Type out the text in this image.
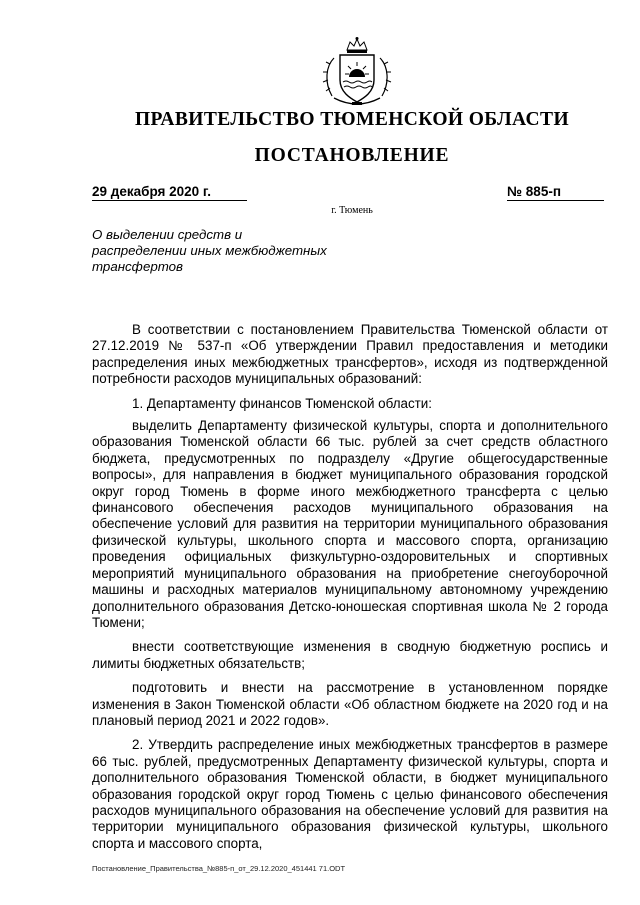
ПРАВИТЕЛЬСТВО ТЮМЕНСКОЙ ОБЛАСТИ
ПОСТАНОВЛЕНИЕ
29 декабря 2020 г.	№ 885-п
г. Тюмень
О выделении средств и распределении иных межбюджетных трансфертов

В соответствии с постановлением Правительства Тюменской области от 27.12.2019 № 537-п «Об утверждении Правил предоставления и методики распределения иных межбюджетных трансфертов», исходя из подтвержденной потребности расходов муниципальных образований:

1. Департаменту финансов Тюменской области:

выделить Департаменту физической культуры, спорта и дополнительного образования Тюменской области 66 тыс. рублей за счет средств областного бюджета, предусмотренных по подразделу «Другие общегосударственные вопросы», для направления в бюджет муниципального образования городской округ город Тюмень в форме иного межбюджетного трансферта с целью финансового обеспечения расходов муниципального образования на обеспечение условий для развития на территории муниципального образования физической культуры, школьного спорта и массового спорта, организацию проведения официальных физкультурно-оздоровительных и спортивных мероприятий муниципального образования на приобретение снегоуборочной машины и расходных материалов муниципальному автономному учреждению дополнительного образования Детско-юношеская спортивная школа № 2 города Тюмени;

внести соответствующие изменения в сводную бюджетную роспись и лимиты бюджетных обязательств;

подготовить и внести на рассмотрение в установленном порядке изменения в Закон Тюменской области «Об областном бюджете на 2020 год и на плановый период 2021 и 2022 годов».

2. Утвердить распределение иных межбюджетных трансфертов в размере 66 тыс. рублей, предусмотренных Департаменту физической культуры, спорта и дополнительного образования Тюменской области, в бюджет муниципального образования городской округ город Тюмень с целью финансового обеспечения расходов муниципального образования на обеспечение условий для развития на территории муниципального образования физической культуры, школьного спорта и массового спорта,

Постановление_Правительства_№885-п_от_29.12.2020_451441 71.ODT
